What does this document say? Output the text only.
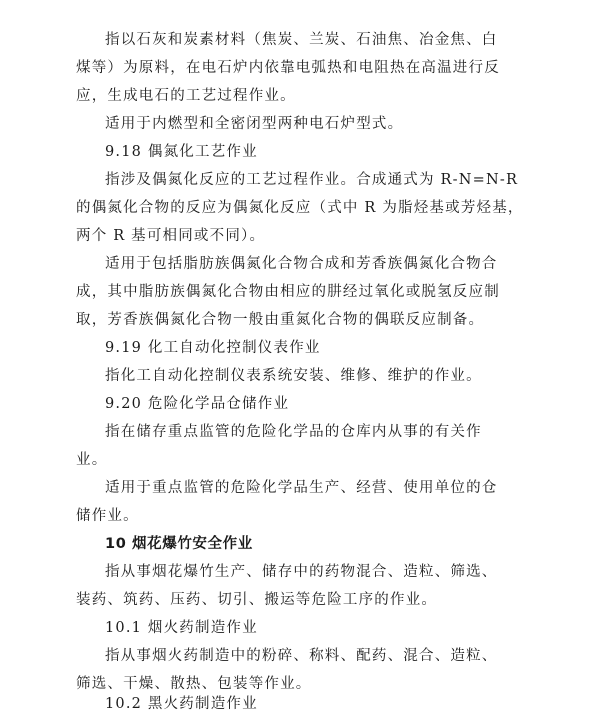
指以石灰和炭素材料（焦炭、兰炭、石油焦、冶金焦、白
煤等）为原料，在电石炉内依靠电弧热和电阻热在高温进行反
应，生成电石的工艺过程作业。
适用于内燃型和全密闭型两种电石炉型式。
9.18 偶氮化工艺作业
指涉及偶氮化反应的工艺过程作业。合成通式为 R-N=N-R
的偶氮化合物的反应为偶氮化反应（式中 R 为脂烃基或芳烃基，
两个 R 基可相同或不同）。
适用于包括脂肪族偶氮化合物合成和芳香族偶氮化合物合
成，其中脂肪族偶氮化合物由相应的肼经过氧化或脱氢反应制
取，芳香族偶氮化合物一般由重氮化合物的偶联反应制备。
9.19 化工自动化控制仪表作业
指化工自动化控制仪表系统安装、维修、维护的作业。
9.20 危险化学品仓储作业
指在储存重点监管的危险化学品的仓库内从事的有关作
业。
适用于重点监管的危险化学品生产、经营、使用单位的仓
储作业。
10 烟花爆竹安全作业
指从事烟花爆竹生产、储存中的药物混合、造粒、筛选、
装药、筑药、压药、切引、搬运等危险工序的作业。
10.1 烟火药制造作业
指从事烟火药制造中的粉碎、称料、配药、混合、造粒、
筛选、干燥、散热、包装等作业。
10.2 黑火药制造作业
